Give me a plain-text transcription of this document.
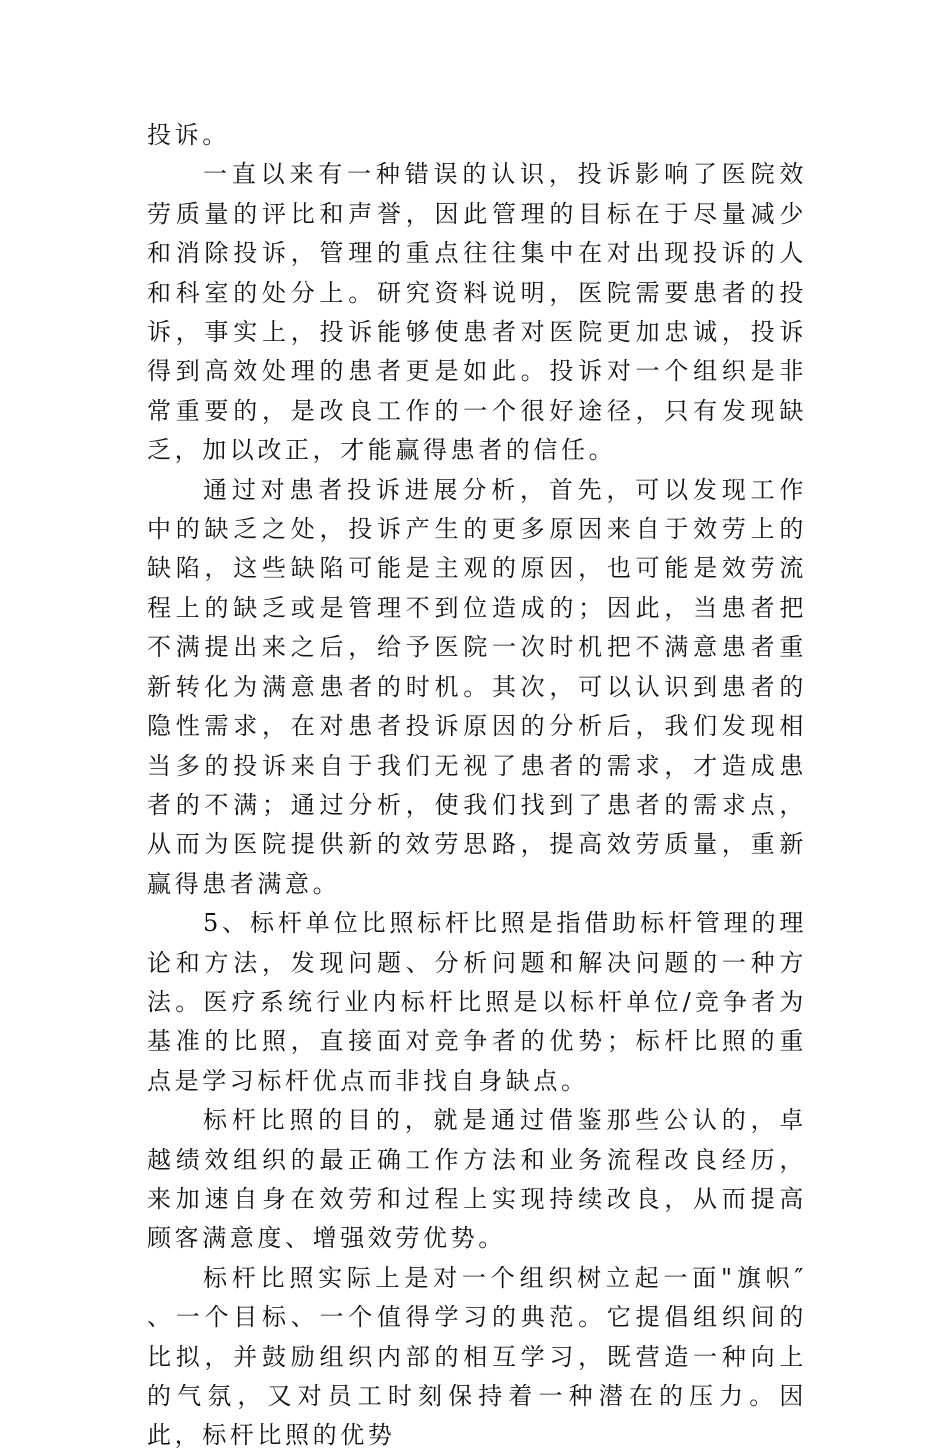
投诉。

一直以来有一种错误的认识，投诉影响了医院效劳质量的评比和声誉，因此管理的目标在于尽量减少和消除投诉，管理的重点往往集中在对出现投诉的人和科室的处分上。研究资料说明，医院需要患者的投诉，事实上，投诉能够使患者对医院更加忠诚，投诉得到高效处理的患者更是如此。投诉对一个组织是非常重要的，是改良工作的一个很好途径，只有发现缺乏，加以改正，才能赢得患者的信任。

通过对患者投诉进展分析，首先，可以发现工作中的缺乏之处，投诉产生的更多原因来自于效劳上的缺陷，这些缺陷可能是主观的原因，也可能是效劳流程上的缺乏或是管理不到位造成的；因此，当患者把不满提出来之后，给予医院一次时机把不满意患者重新转化为满意患者的时机。其次，可以认识到患者的隐性需求，在对患者投诉原因的分析后，我们发现相当多的投诉来自于我们无视了患者的需求，才造成患者的不满；通过分析，使我们找到了患者的需求点，从而为医院提供新的效劳思路，提高效劳质量，重新赢得患者满意。

5、标杆单位比照标杆比照是指借助标杆管理的理论和方法，发现问题、分析问题和解决问题的一种方法。医疗系统行业内标杆比照是以标杆单位/竞争者为基准的比照，直接面对竞争者的优势；标杆比照的重点是学习标杆优点而非找自身缺点。

标杆比照的目的，就是通过借鉴那些公认的，卓越绩效组织的最正确工作方法和业务流程改良经历，来加速自身在效劳和过程上实现持续改良，从而提高顾客满意度、增强效劳优势。

标杆比照实际上是对一个组织树立起一面"旗帜″ 、一个目标、一个值得学习的典范。它提倡组织间的比拟，并鼓励组织内部的相互学习，既营造一种向上的气氛，又对员工时刻保持着一种潜在的压力。因此，标杆比照的优势
